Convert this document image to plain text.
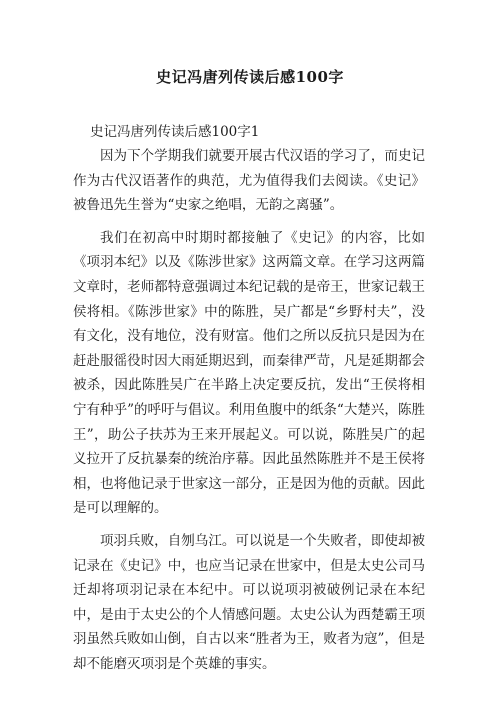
史记冯唐列传读后感100字
史记冯唐列传读后感100字1

因为下个学期我们就要开展古代汉语的学习了，而史记作为古代汉语著作的典范，尤为值得我们去阅读。《史记》被鲁迅先生誉为“史家之绝唱，无韵之离骚”。

我们在初高中时期时都接触了《史记》的内容，比如《项羽本纪》以及《陈涉世家》这两篇文章。在学习这两篇文章时，老师都特意强调过本纪记载的是帝王，世家记载王侯将相。《陈涉世家》中的陈胜，吴广都是“乡野村夫”，没有文化，没有地位，没有财富。他们之所以反抗只是因为在赶赴服徭役时因大雨延期迟到，而秦律严苛，凡是延期都会被杀，因此陈胜吴广在半路上决定要反抗，发出“王侯将相宁有种乎”的呼吁与倡议。利用鱼腹中的纸条“大楚兴，陈胜王”，助公子扶苏为王来开展起义。可以说，陈胜吴广的起义拉开了反抗暴秦的统治序幕。因此虽然陈胜并不是王侯将相，也将他记录于世家这一部分，正是因为他的贡献。因此是可以理解的。

项羽兵败，自刎乌江。可以说是一个失败者，即使却被记录在《史记》中，也应当记录在世家中，但是太史公司马迁却将项羽记录在本纪中。可以说项羽被破例记录在本纪中，是由于太史公的个人情感问题。太史公认为西楚霸王项羽虽然兵败如山倒，自古以来“胜者为王，败者为寇”，但是却不能磨灭项羽是个英雄的事实。
